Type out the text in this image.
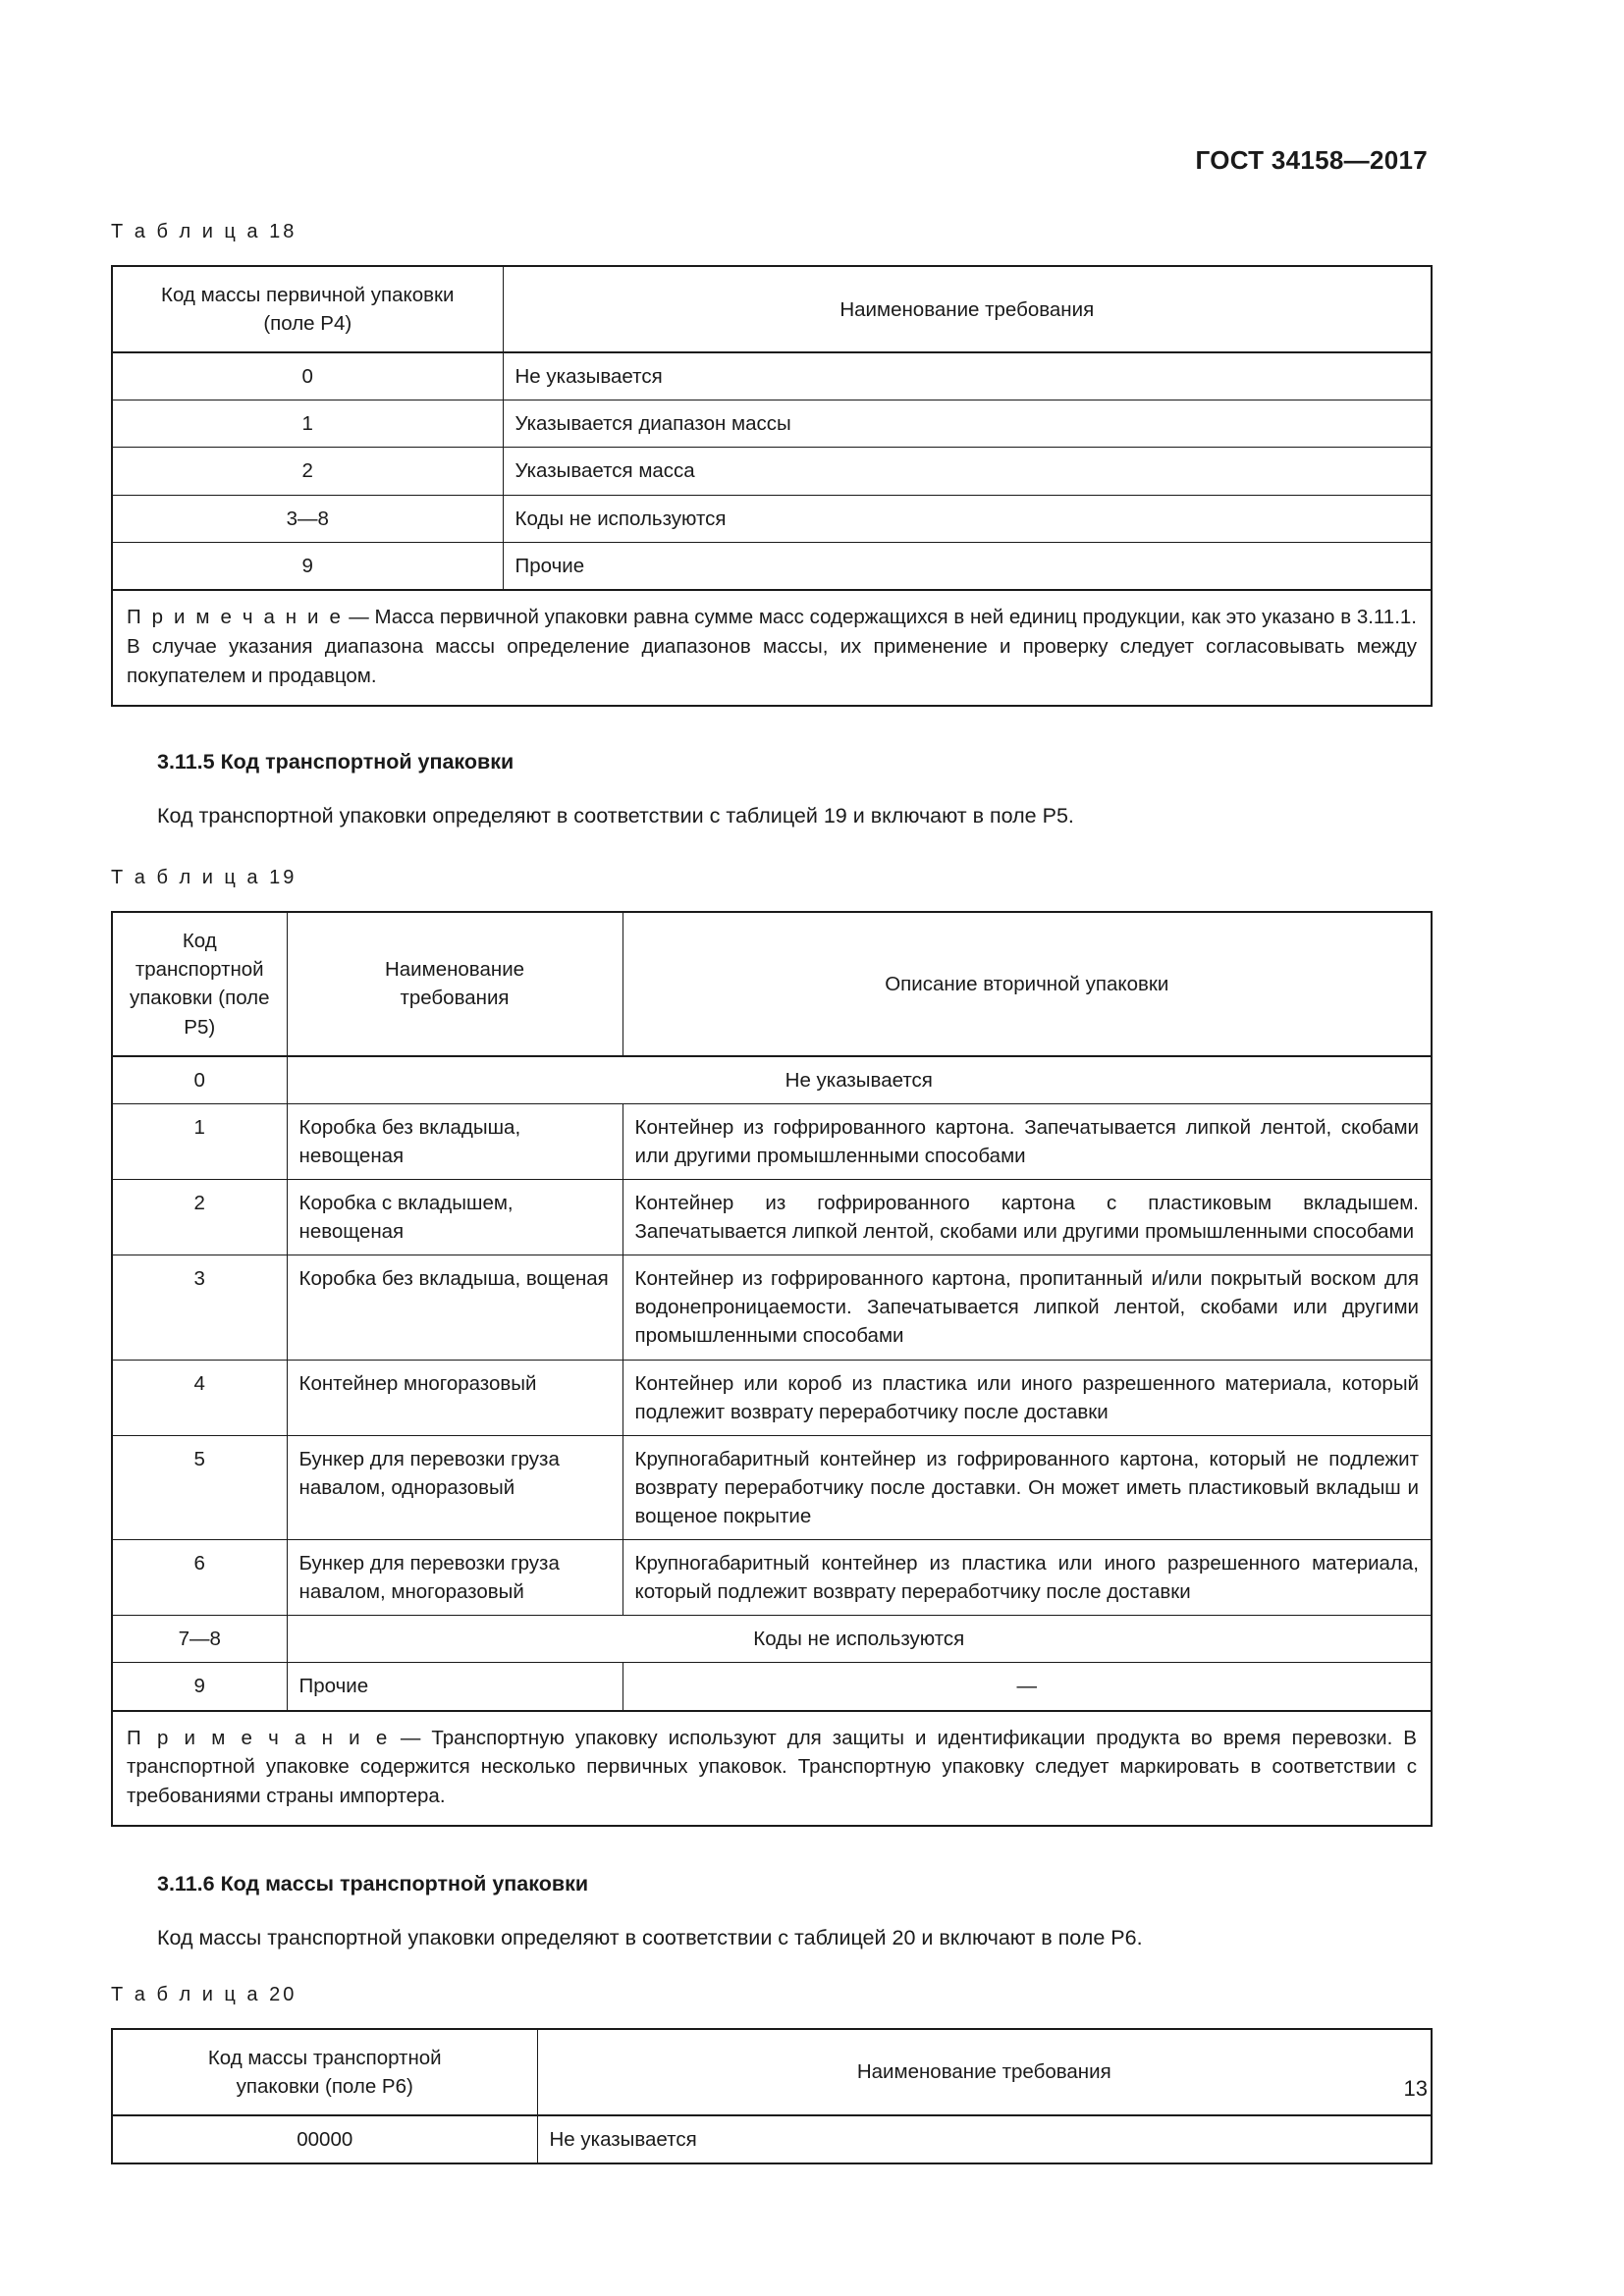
ГОСТ 34158—2017
Т а б л и ц а 18
Код массы первичной упаковки
(поле Р4)	Наименование требования
0	Не указывается
1	Указывается диапазон массы
2	Указывается масса
3—8	Коды не используются
9	Прочие
П р и м е ч а н и е — Масса первичной упаковки равна сумме масс содержащихся в ней единиц продукции, как это указано в 3.11.1. В случае указания диапазона массы определение диапазонов массы, их применение и проверку следует согласовывать между покупателем и продавцом.	
3.11.5 Код транспортной упаковки
Код транспортной упаковки определяют в соответствии с таблицей 19 и включают в поле Р5.
Т а б л и ц а 19
Код транспортной
упаковки (поле Р5)	Наименование
требования	Описание вторичной упаковки
0	Не указывается	
1	Коробка без вкладыша, невощеная	Контейнер из гофрированного картона. Запечатывается липкой лентой, скобами или другими промышленными способами
2	Коробка с вкладышем, невощеная	Контейнер из гофрированного картона с пластиковым вкладышем. Запечатывается липкой лентой, скобами или другими промышленными способами
3	Коробка без вкладыша, вощеная	Контейнер из гофрированного картона, пропитанный и/или покрытый воском для водонепроницаемости. Запечатывается липкой лентой, скобами или другими промышленными способами
4	Контейнер многоразовый	Контейнер или короб из пластика или иного разрешенного материала, который подлежит возврату переработчику после доставки
5	Бункер для перевозки груза навалом, одноразовый	Крупногабаритный контейнер из гофрированного картона, который не подлежит возврату переработчику после доставки. Он может иметь пластиковый вкладыш и вощеное покрытие
6	Бункер для перевозки груза навалом, многоразовый	Крупногабаритный контейнер из пластика или иного разрешенного материала, который подлежит возврату переработчику после доставки
7—8	Коды не используются	
9	Прочие	—
П р и м е ч а н и е — Транспортную упаковку используют для защиты и идентификации продукта во время перевозки. В транспортной упаковке содержится несколько первичных упаковок. Транспортную упаковку следует маркировать в соответствии с требованиями страны импортера.		
3.11.6 Код массы транспортной упаковки
Код массы транспортной упаковки определяют в соответствии с таблицей 20 и включают в поле Р6.
Т а б л и ц а 20
Код массы транспортной
упаковки (поле Р6)	Наименование требования
00000	Не указывается
13
